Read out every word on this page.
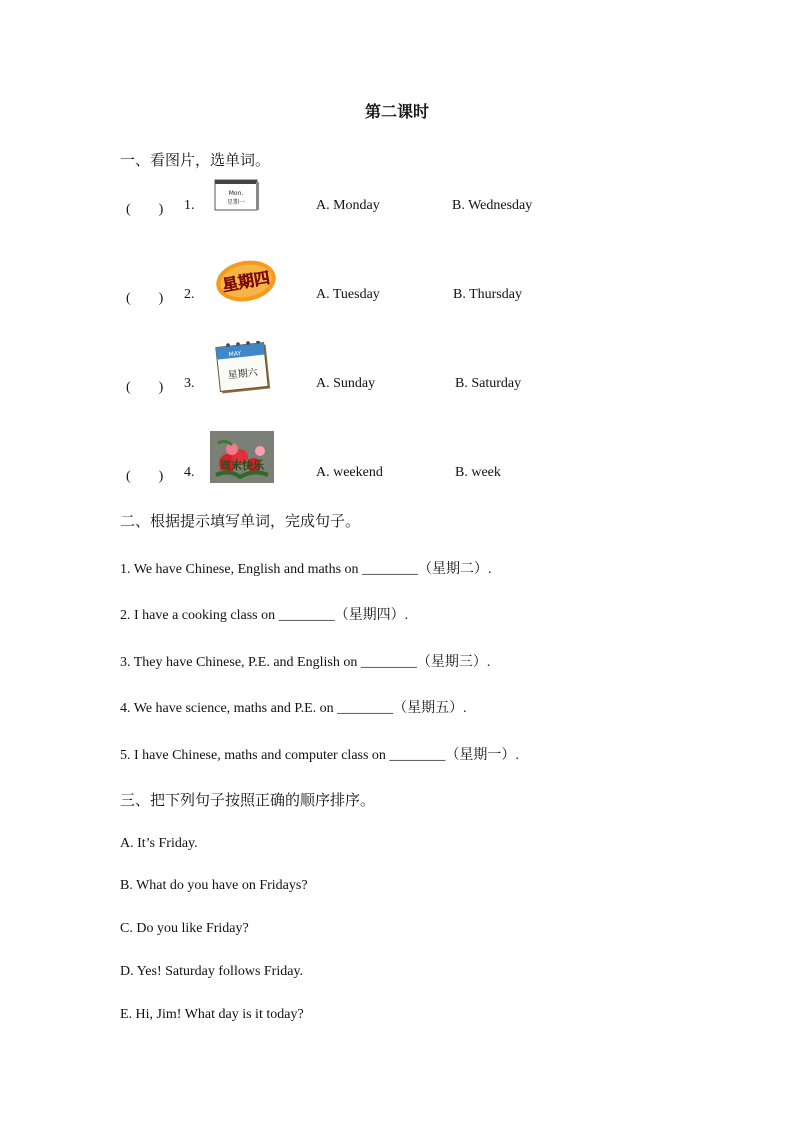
第二课时
一、看图片，选单词。
(　　) 1.
Mon.
星期一	A. Monday	B. Wednesday
(　　) 2. 星期四	A. Tuesday	B. Thursday
(　　) 3.
MAY
星期六
A. Sunday	B. Saturday
(　　) 4. 周末快乐	A. weekend	B. week
二、根据提示填写单词，完成句子。
1. We have Chinese, English and maths on ________（星期二）.
2. I have a cooking class on ________（星期四）.
3. They have Chinese, P.E. and English on ________（星期三）.
4. We have science, maths and P.E. on ________（星期五）.
5. I have Chinese, maths and computer class on ________（星期一）.
三、把下列句子按照正确的顺序排序。
A. It’s Friday.
B. What do you have on Fridays?
C. Do you like Friday?
D. Yes! Saturday follows Friday.
E. Hi, Jim! What day is it today?
